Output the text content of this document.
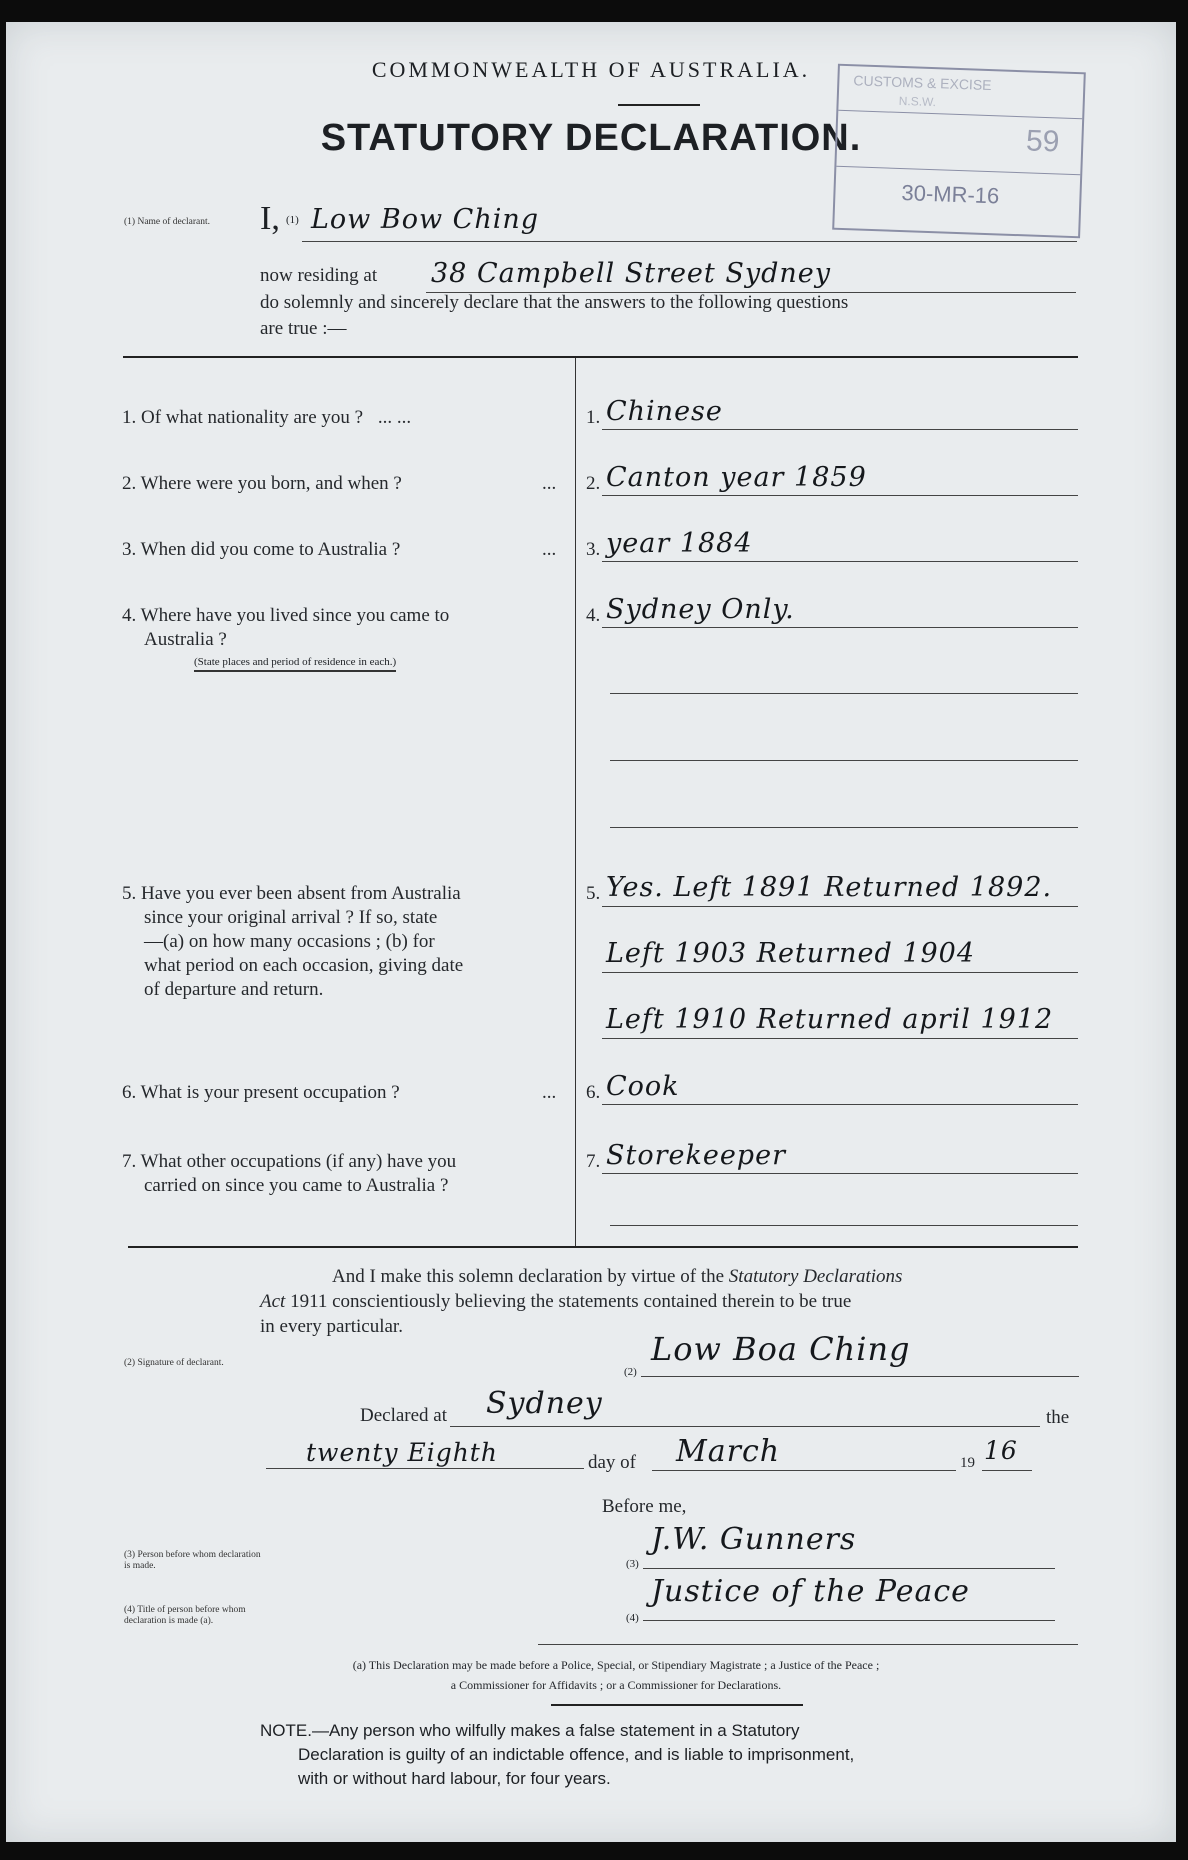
COMMONWEALTH OF AUSTRALIA.
STATUTORY DECLARATION.
CUSTOMS & EXCISE
N.S.W.
59
30-MR-16
(1) Name of declarant.	I, (1) Low Bow Ching
now residing at 38 Campbell Street Sydney
do solemnly and sincerely declare that the answers to the following questions
are true :—
1. Of what nationality are you ? ... ...	1. Chinese
2. Where were you born, and when ?	... 2. Canton year 1859
3. When did you come to Australia ?	... 3. year 1884
4. Where have you lived since you came to
Australia ?
(State places and period of residence in each.)
4. Sydney Only.
5. Have you ever been absent from Australia
since your original arrival ? If so, state
—(a) on how many occasions ; (b) for
what period on each occasion, giving date
of departure and return.
5. Yes. Left 1891 Returned 1892.
Left 1903 Returned 1904
Left 1910 Returned april 1912
6. What is your present occupation ?	... 6. Cook
7. What other occupations (if any) have you
carried on since you came to Australia ?
7. Storekeeper
And I make this solemn declaration by virtue of the Statutory Declarations
Act 1911 conscientiously believing the statements contained therein to be true
in every particular.
(2) Signature of declarant.
(2)
Low Boa Ching
Declared at Sydney	the
twenty Eighth	day of March	19 16
Before me,
(3) Person before whom declaration is made.	(3)
J.W. Gunners
(4) Title of person before whom declaration is made (a).	(4)
Justice of the Peace
(a) This Declaration may be made before a Police, Special, or Stipendiary Magistrate ; a Justice of the Peace ;
a Commissioner for Affidavits ; or a Commissioner for Declarations.
NOTE.—Any person who wilfully makes a false statement in a Statutory
Declaration is guilty of an indictable offence, and is liable to imprisonment,
with or without hard labour, for four years.
